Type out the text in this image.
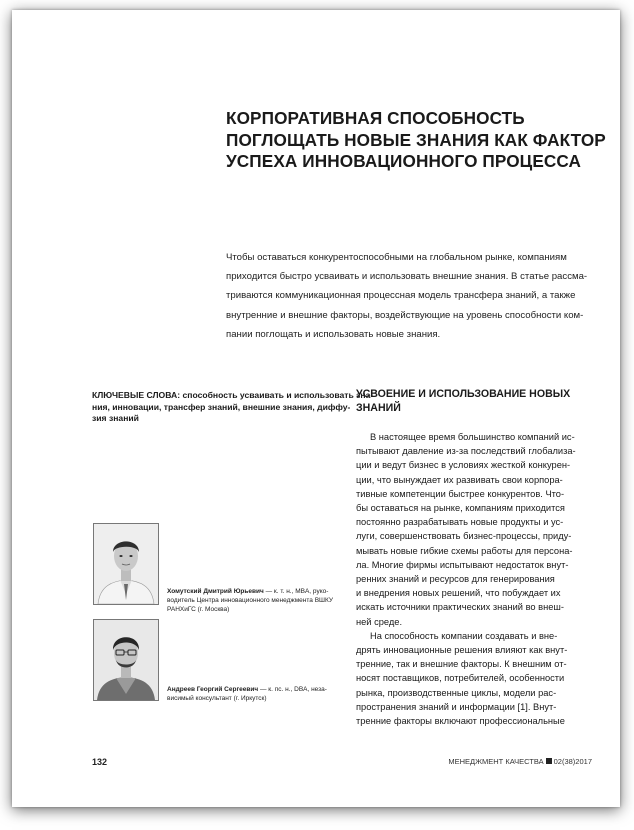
КОРПОРАТИВНАЯ СПОСОБНОСТЬ
ПОГЛОЩАТЬ НОВЫЕ ЗНАНИЯ КАК ФАКТОР
УСПЕХА ИННОВАЦИОННОГО ПРОЦЕССА
Чтобы оставаться конкурентоспособными на глобальном рынке, компаниям
приходится быстро усваивать и использовать внешние знания. В статье рассма-
триваются коммуникационная процессная модель трансфера знаний, а также
внутренние и внешние факторы, воздействующие на уровень способности ком-
пании поглощать и использовать новые знания.
КЛЮЧЕВЫЕ СЛОВА: способность усваивать и использовать зна-
ния, инновации, трансфер знаний, внешние знания, диффу-
зия знаний
Хомутский Дмитрий Юрьевич — к. т. н., MBA, руко-
водитель Центра инновационного менеджмента ВШКУ
РАНХиГС (г. Москва)
Андреев Георгий Сергеевич — к. пс. н., DBA, неза-
висимый консультант (г. Иркутск)
УСВОЕНИЕ И ИСПОЛЬЗОВАНИЕ НОВЫХ
ЗНАНИЙ
В настоящее время большинство компаний ис-
пытывают давление из-за последствий глобализа-
ции и ведут бизнес в условиях жесткой конкурен-
ции, что вынуждает их развивать свои корпора-
тивные компетенции быстрее конкурентов. Что-
бы оставаться на рынке, компаниям приходится
постоянно разрабатывать новые продукты и ус-
луги, совершенствовать бизнес-процессы, приду-
мывать новые гибкие схемы работы для персона-
ла. Многие фирмы испытывают недостаток внут-
ренних знаний и ресурсов для генерирования
и внедрения новых решений, что побуждает их
искать источники практических знаний во внеш-
ней среде.
На способность компании создавать и вне-
дрять инновационные решения влияют как внут-
тренние, так и внешние факторы. К внешним от-
носят поставщиков, потребителей, особенности
рынка, производственные циклы, модели рас-
пространения знаний и информации [1]. Внут-
тренние факторы включают профессиональные
132	МЕНЕДЖМЕНТ КАЧЕСТВА 02(38)2017
